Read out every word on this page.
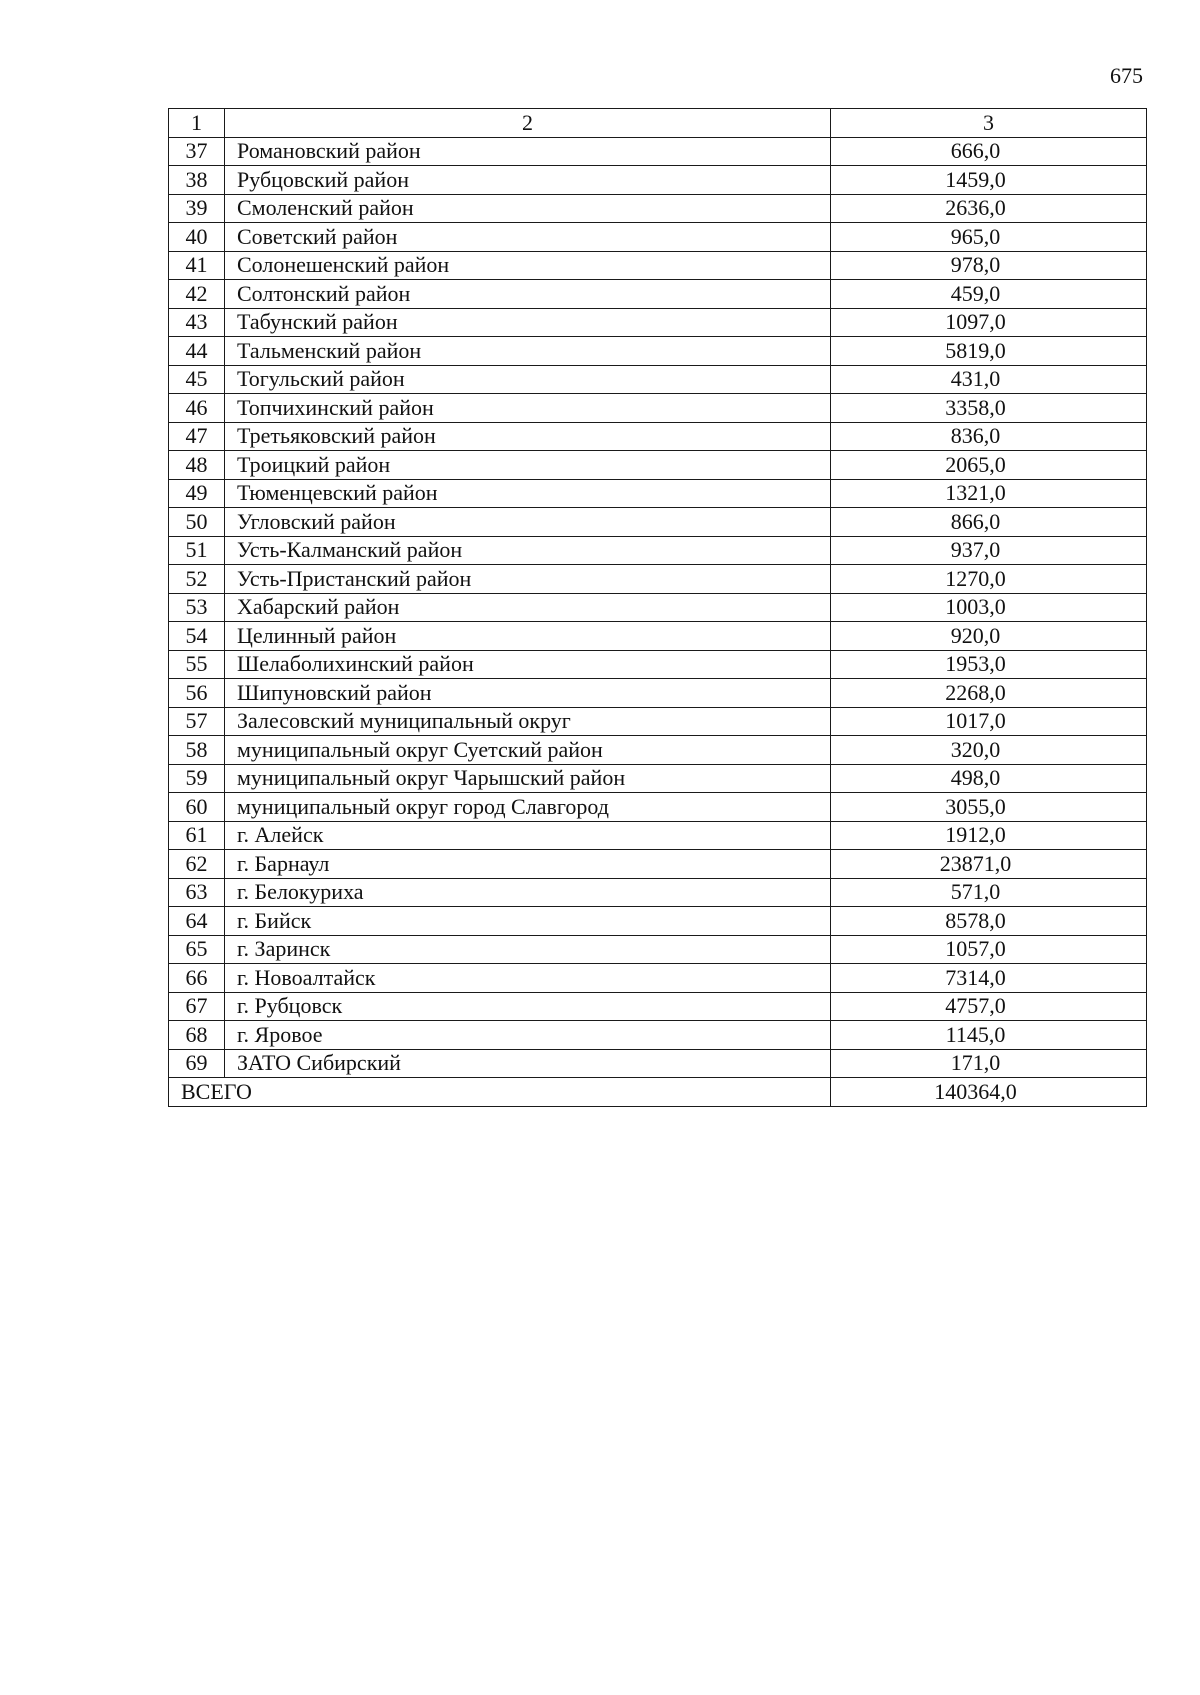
675
1	2	3
37	Романовский район	666,0
38	Рубцовский район	1459,0
39	Смоленский район	2636,0
40	Советский район	965,0
41	Солонешенский район	978,0
42	Солтонский район	459,0
43	Табунский район	1097,0
44	Тальменский район	5819,0
45	Тогульский район	431,0
46	Топчихинский район	3358,0
47	Третьяковский район	836,0
48	Троицкий район	2065,0
49	Тюменцевский район	1321,0
50	Угловский район	866,0
51	Усть-Калманский район	937,0
52	Усть-Пристанский район	1270,0
53	Хабарский район	1003,0
54	Целинный район	920,0
55	Шелаболихинский район	1953,0
56	Шипуновский район	2268,0
57	Залесовский муниципальный округ	1017,0
58	муниципальный округ Суетский район	320,0
59	муниципальный округ Чарышский район	498,0
60	муниципальный округ город Славгород	3055,0
61	г. Алейск	1912,0
62	г. Барнаул	23871,0
63	г. Белокуриха	571,0
64	г. Бийск	8578,0
65	г. Заринск	1057,0
66	г. Новоалтайск	7314,0
67	г. Рубцовск	4757,0
68	г. Яровое	1145,0
69	ЗАТО Сибирский	171,0
ВСЕГО		140364,0
